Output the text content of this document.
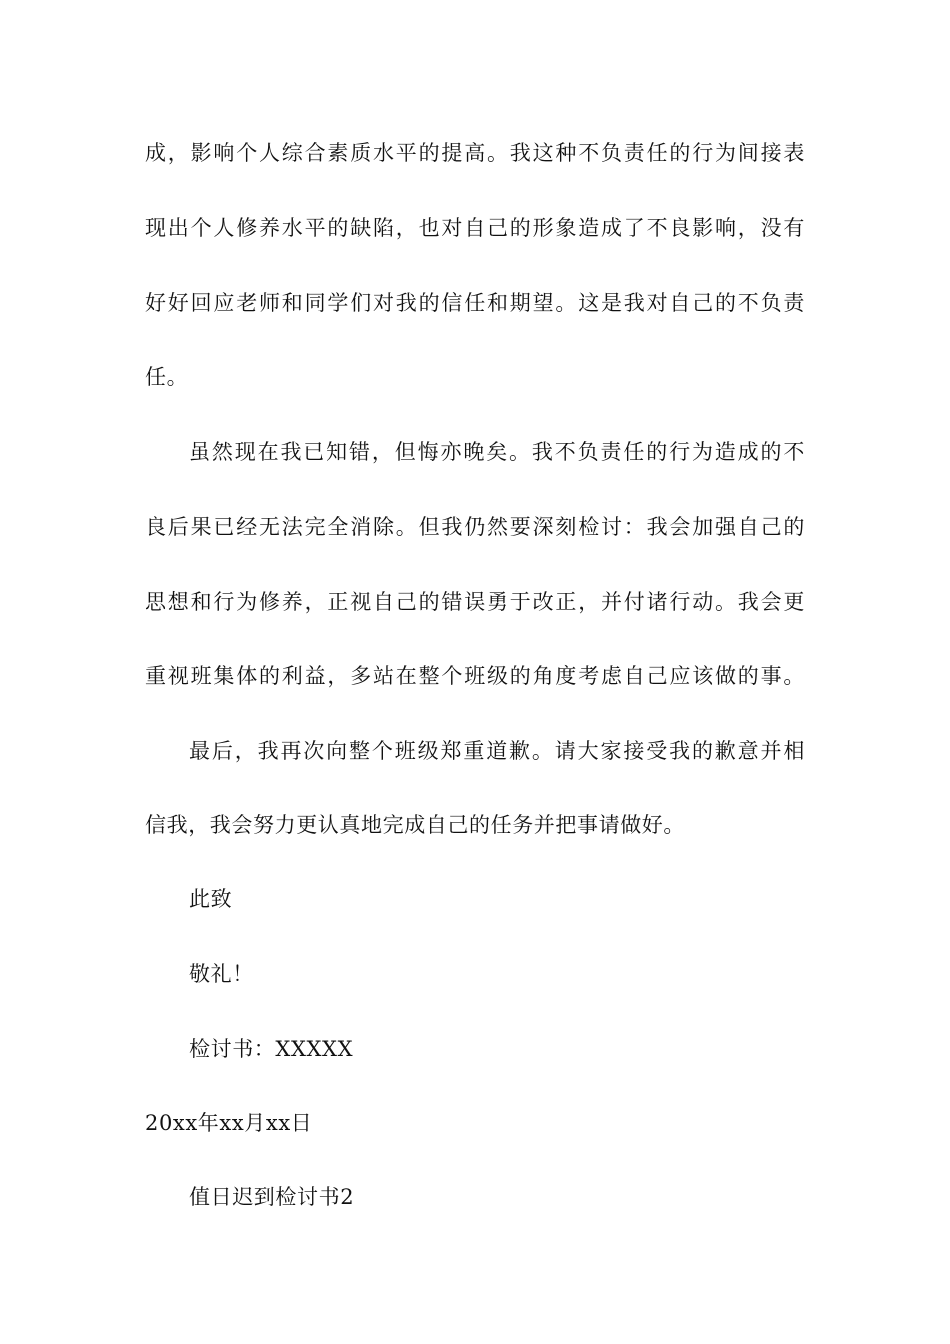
成，影响个人综合素质水平的提高。我这种不负责任的行为间接表
现出个人修养水平的缺陷，也对自己的形象造成了不良影响，没有
好好回应老师和同学们对我的信任和期望。这是我对自己的不负责
任。
虽然现在我已知错，但悔亦晚矣。我不负责任的行为造成的不
良后果已经无法完全消除。但我仍然要深刻检讨：我会加强自己的
思想和行为修养，正视自己的错误勇于改正，并付诸行动。我会更
重视班集体的利益，多站在整个班级的角度考虑自己应该做的事。
最后，我再次向整个班级郑重道歉。请大家接受我的歉意并相
信我，我会努力更认真地完成自己的任务并把事请做好。
此致
敬礼！
检讨书：XXXXX
20xx年xx月xx日
值日迟到检讨书2
